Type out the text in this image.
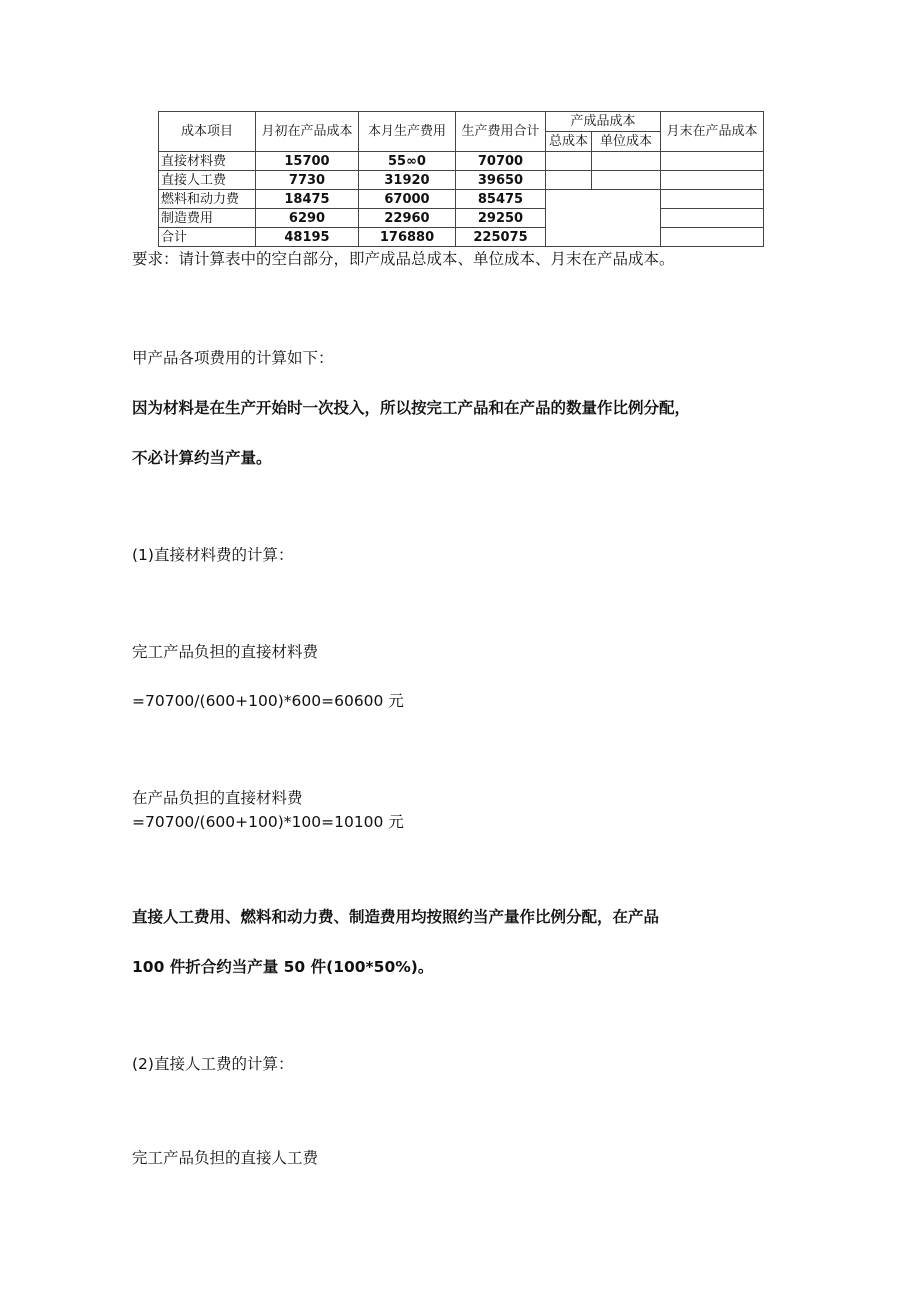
成本项目	月初在产品成本	本月生产费用	生产费用合计	产成品成本		月末在产品成本
				总成本	单位成本	
直接材料费	15700	55∞0	70700			
直接人工费	7730	31920	39650			
燃料和动力费	18475	67000	85475			
制造费用	6290	22960	29250			
合计	48195	176880	225075			
要求：请计算表中的空白部分，即产成品总成本、单位成本、月末在产品成本。
甲产品各项费用的计算如下：
因为材料是在生产开始时一次投入，所以按完工产品和在产品的数量作比例分配，
不必计算约当产量。
(1)直接材料费的计算：
完工产品负担的直接材料费
=70700/(600+100)*600=60600 元
在产品负担的直接材料费
=70700/(600+100)*100=10100 元
直接人工费用、燃料和动力费、制造费用均按照约当产量作比例分配，在产品
100 件折合约当产量 50 件(100*50%)。
(2)直接人工费的计算：
完工产品负担的直接人工费
